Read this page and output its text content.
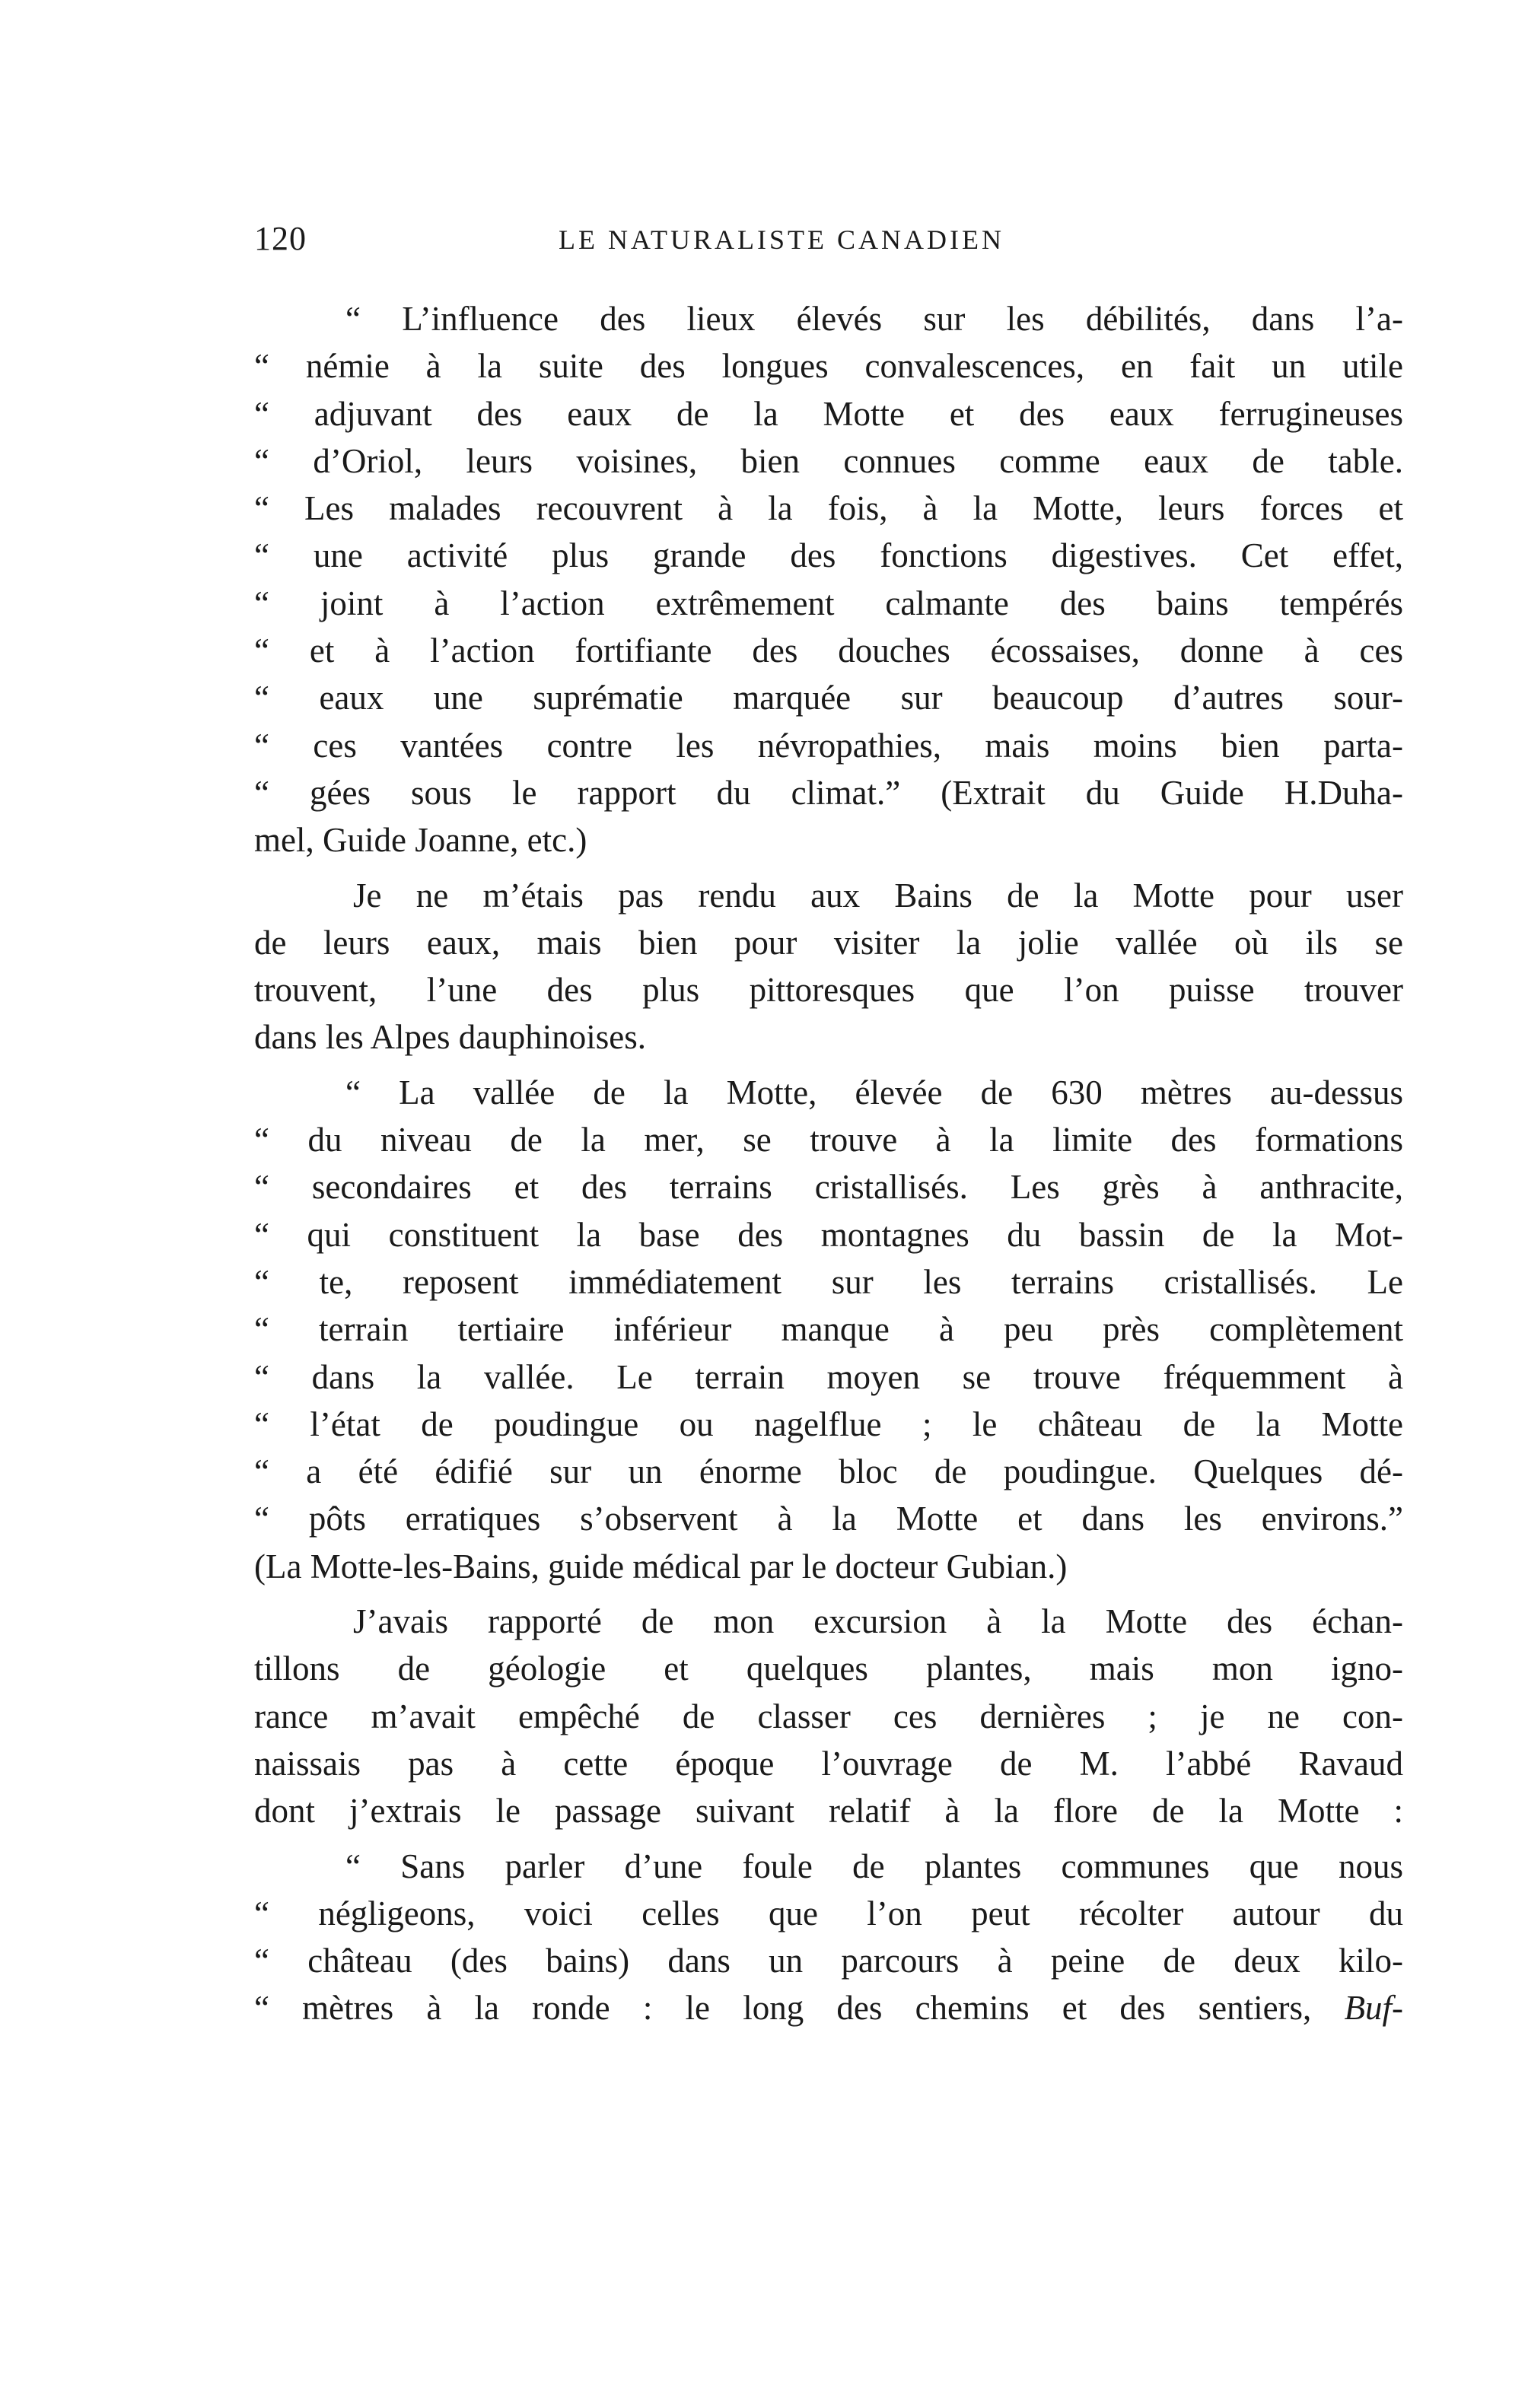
120	LE NATURALISTE CANADIEN
“ L’influence des lieux élevés sur les débilités, dans l’a-
“ némie à la suite des longues convalescences, en fait un utile
“ adjuvant des eaux de la Motte et des eaux ferrugineuses
“ d’Oriol, leurs voisines, bien connues comme eaux de table.
“ Les malades recouvrent à la fois, à la Motte, leurs forces et
“ une activité plus grande des fonctions digestives. Cet effet,
“ joint à l’action extrêmement calmante des bains tempérés
“ et à l’action fortifiante des douches écossaises, donne à ces
“ eaux une suprématie marquée sur beaucoup d’autres sour-
“ ces vantées contre les névropathies, mais moins bien parta-
“ gées sous le rapport du climat.” (Extrait du Guide H.Duha-
mel, Guide Joanne, etc.)
Je ne m’étais pas rendu aux Bains de la Motte pour user
de leurs eaux, mais bien pour visiter la jolie vallée où ils se
trouvent, l’une des plus pittoresques que l’on puisse trouver
dans les Alpes dauphinoises.
“ La vallée de la Motte, élevée de 630 mètres au-dessus
“ du niveau de la mer, se trouve à la limite des formations
“ secondaires et des terrains cristallisés. Les grès à anthracite,
“ qui constituent la base des montagnes du bassin de la Mot-
“ te, reposent immédiatement sur les terrains cristallisés. Le
“ terrain tertiaire inférieur manque à peu près complètement
“ dans la vallée. Le terrain moyen se trouve fréquemment à
“ l’état de poudingue ou nagelflue ; le château de la Motte
“ a été édifié sur un énorme bloc de poudingue. Quelques dé-
“ pôts erratiques s’observent à la Motte et dans les environs.”
(La Motte-les-Bains, guide médical par le docteur Gubian.)
J’avais rapporté de mon excursion à la Motte des échan-
tillons de géologie et quelques plantes, mais mon igno-
rance m’avait empêché de classer ces dernières ; je ne con-
naissais pas à cette époque l’ouvrage de M. l’abbé Ravaud
dont j’extrais le passage suivant relatif à la flore de la Motte :
“ Sans parler d’une foule de plantes communes que nous
“ négligeons, voici celles que l’on peut récolter autour du
“ château (des bains) dans un parcours à peine de deux kilo-
“ mètres à la ronde : le long des chemins et des sentiers, Buf-
